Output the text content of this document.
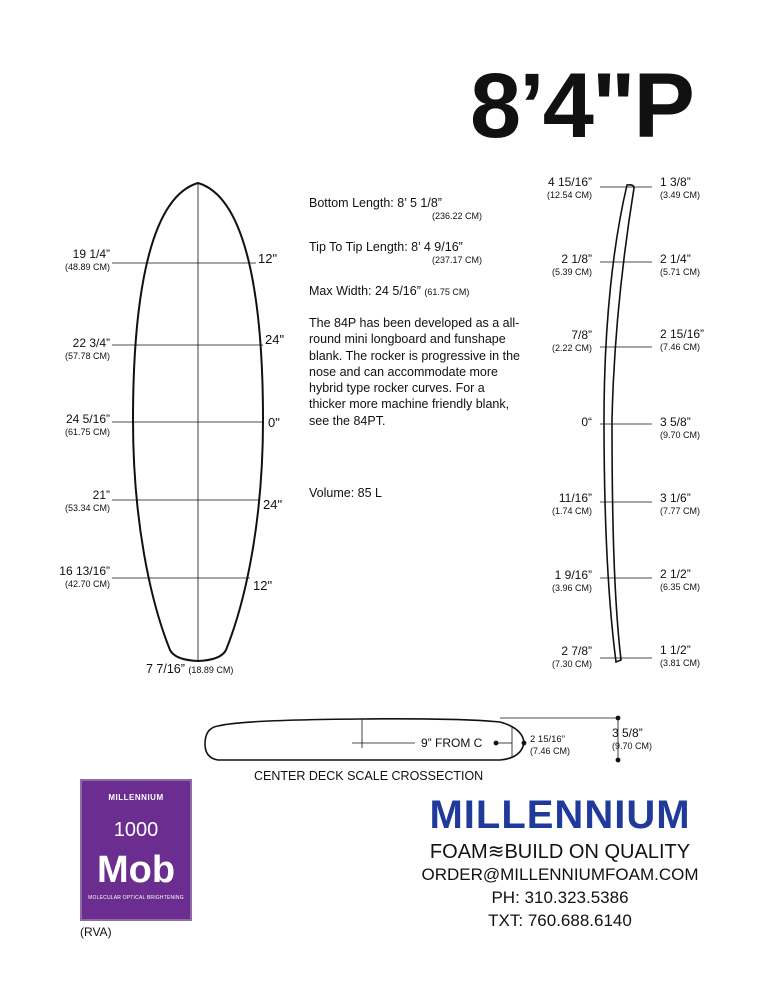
8’4"P
19 1/4”
(48.89 CM)
22 3/4”
(57.78 CM)
24 5/16”
(61.75 CM)
21”
(53.34 CM)
16 13/16”
(42.70 CM)
12"
24"
0"
24"
12"
7 7/16” (18.89 CM)

Bottom Length: 8’ 5 1/8”
(236.22 CM)

Tip To Tip Length: 8’ 4 9/16”
(237.17 CM)

Max Width: 24 5/16” (61.75 CM)

The 84P has been developed as a all-round mini longboard and funshape blank. The rocker is progressive in the nose and can accommodate more hybrid type rocker curves. For a thicker more machine friendly blank, see the 84PT.

Volume: 85 L

4 15/16”
(12.54 CM)
2 1/8”
(5.39 CM)
7/8”
(2.22 CM)
0“
11/16”
(1.74 CM)
1 9/16”
(3.96 CM)
2 7/8”
(7.30 CM)
1 3/8”
(3.49 CM)
2 1/4”
(5.71 CM)
2 15/16”
(7.46 CM)
3 5/8”
(9.70 CM)
3 1/6”
(7.77 CM)
2 1/2”
(6.35 CM)
1 1/2”
(3.81 CM)
9” FROM C	2 15/16”
(7.46 CM)
3 5/8”
(9.70 CM)
CENTER DECK SCALE CROSSECTION
MILLENNIUM
1000
Mob
MOLECULAR OPTICAL BRIGHTENING
(RVA)
MILLENNIUM
FOAM≋BUILD ON QUALITY
ORDER@MILLENNIUMFOAM.COM
PH: 310.323.5386
TXT: 760.688.6140
